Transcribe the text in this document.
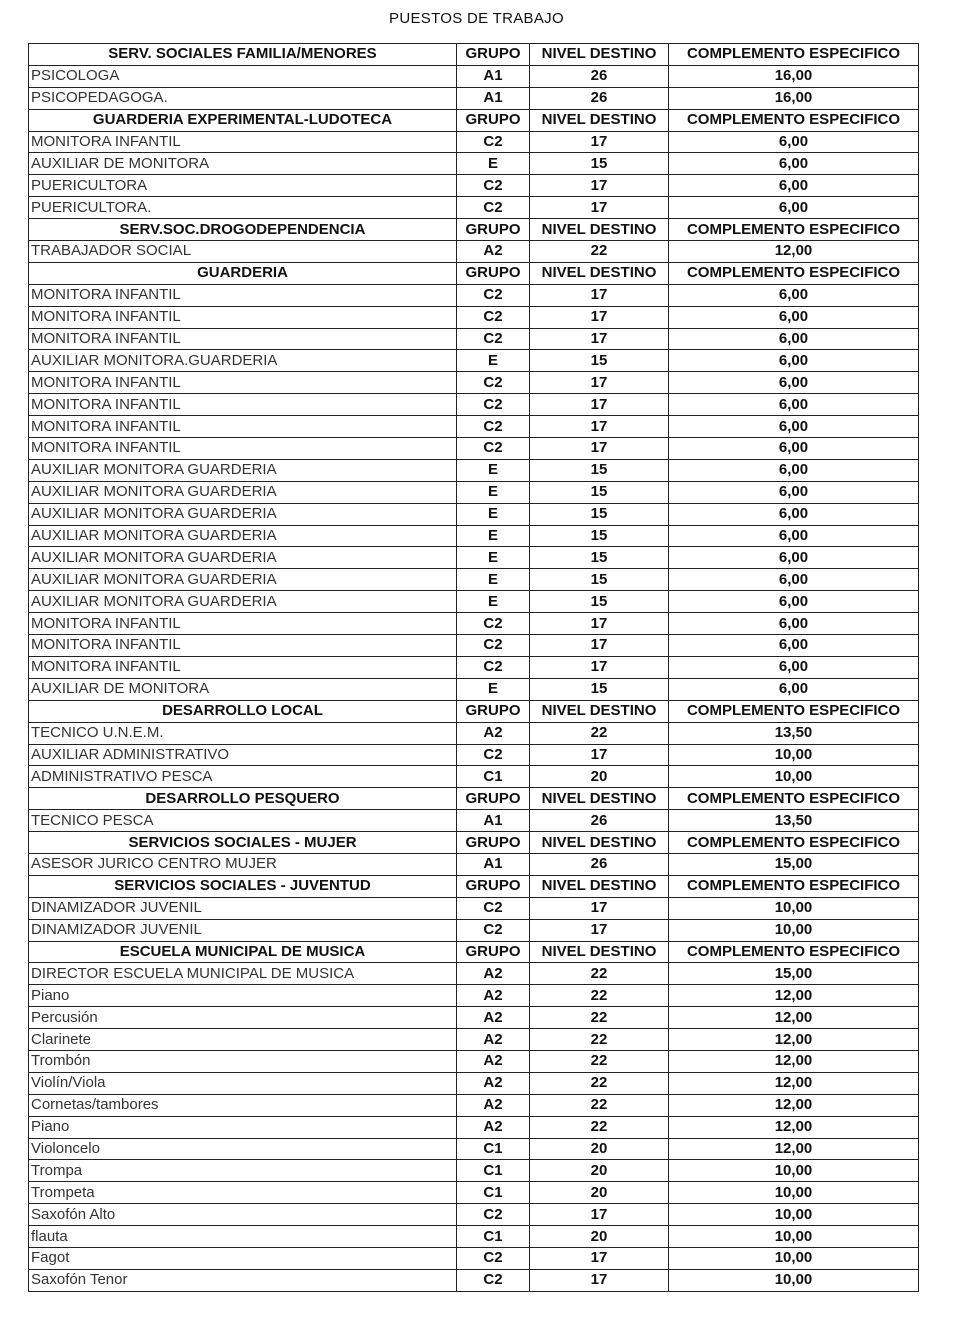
PUESTOS DE TRABAJO
SERV. SOCIALES FAMILIA/MENORES	GRUPO	NIVEL DESTINO	COMPLEMENTO ESPECIFICO
PSICOLOGA	A1	26	16,00
PSICOPEDAGOGA.	A1	26	16,00
GUARDERIA EXPERIMENTAL-LUDOTECA	GRUPO	NIVEL DESTINO	COMPLEMENTO ESPECIFICO
MONITORA INFANTIL	C2	17	6,00
AUXILIAR DE MONITORA	E	15	6,00
PUERICULTORA	C2	17	6,00
PUERICULTORA.	C2	17	6,00
SERV.SOC.DROGODEPENDENCIA	GRUPO	NIVEL DESTINO	COMPLEMENTO ESPECIFICO
TRABAJADOR SOCIAL	A2	22	12,00
GUARDERIA	GRUPO	NIVEL DESTINO	COMPLEMENTO ESPECIFICO
MONITORA INFANTIL	C2	17	6,00
MONITORA INFANTIL	C2	17	6,00
MONITORA INFANTIL	C2	17	6,00
AUXILIAR MONITORA.GUARDERIA	E	15	6,00
MONITORA INFANTIL	C2	17	6,00
MONITORA INFANTIL	C2	17	6,00
MONITORA INFANTIL	C2	17	6,00
MONITORA INFANTIL	C2	17	6,00
AUXILIAR MONITORA GUARDERIA	E	15	6,00
AUXILIAR MONITORA GUARDERIA	E	15	6,00
AUXILIAR MONITORA GUARDERIA	E	15	6,00
AUXILIAR MONITORA GUARDERIA	E	15	6,00
AUXILIAR MONITORA GUARDERIA	E	15	6,00
AUXILIAR MONITORA GUARDERIA	E	15	6,00
AUXILIAR MONITORA GUARDERIA	E	15	6,00
MONITORA INFANTIL	C2	17	6,00
MONITORA INFANTIL	C2	17	6,00
MONITORA INFANTIL	C2	17	6,00
AUXILIAR DE MONITORA	E	15	6,00
DESARROLLO LOCAL	GRUPO	NIVEL DESTINO	COMPLEMENTO ESPECIFICO
TECNICO U.N.E.M.	A2	22	13,50
AUXILIAR ADMINISTRATIVO	C2	17	10,00
ADMINISTRATIVO PESCA	C1	20	10,00
DESARROLLO PESQUERO	GRUPO	NIVEL DESTINO	COMPLEMENTO ESPECIFICO
TECNICO PESCA	A1	26	13,50
SERVICIOS SOCIALES - MUJER	GRUPO	NIVEL DESTINO	COMPLEMENTO ESPECIFICO
ASESOR JURICO CENTRO MUJER	A1	26	15,00
SERVICIOS SOCIALES - JUVENTUD	GRUPO	NIVEL DESTINO	COMPLEMENTO ESPECIFICO
DINAMIZADOR JUVENIL	C2	17	10,00
DINAMIZADOR JUVENIL	C2	17	10,00
ESCUELA MUNICIPAL DE MUSICA	GRUPO	NIVEL DESTINO	COMPLEMENTO ESPECIFICO
DIRECTOR ESCUELA MUNICIPAL DE MUSICA	A2	22	15,00
Piano	A2	22	12,00
Percusión	A2	22	12,00
Clarinete	A2	22	12,00
Trombón	A2	22	12,00
Violín/Viola	A2	22	12,00
Cornetas/tambores	A2	22	12,00
Piano	A2	22	12,00
Violoncelo	C1	20	12,00
Trompa	C1	20	10,00
Trompeta	C1	20	10,00
Saxofón Alto	C2	17	10,00
flauta	C1	20	10,00
Fagot	C2	17	10,00
Saxofón Tenor	C2	17	10,00
